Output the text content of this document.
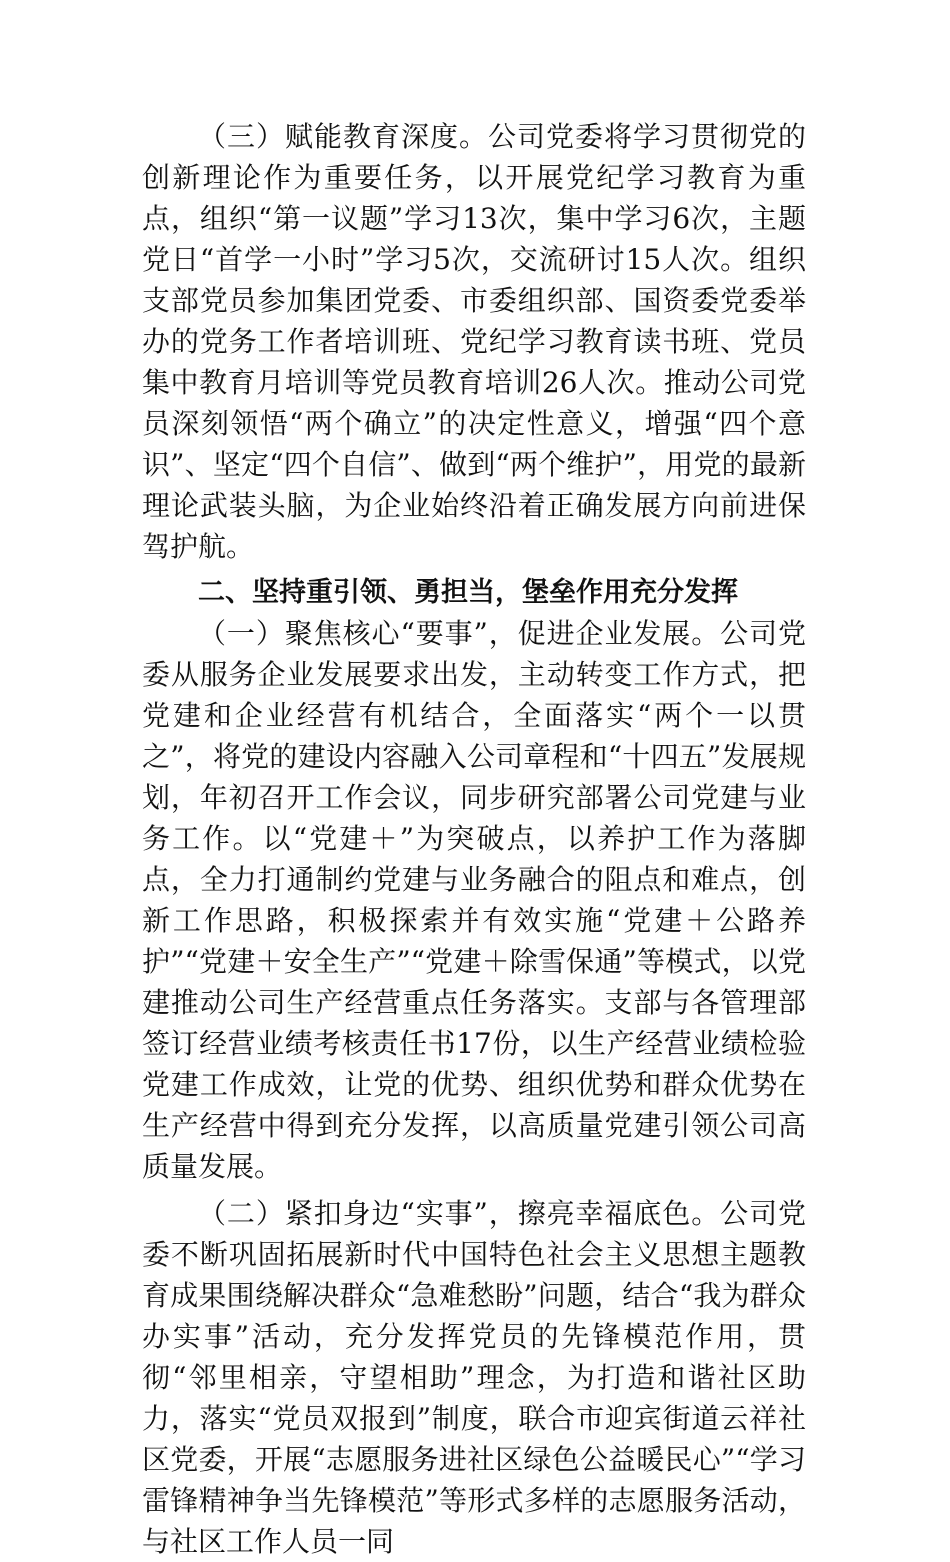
（三）赋能教育深度。公司党委将学习贯彻党的创新理论作为重要任务，以开展党纪学习教育为重点，组织“第一议题”学习13次，集中学习6次，主题党日“首学一小时”学习5次，交流研讨15人次。组织支部党员参加集团党委、市委组织部、国资委党委举办的党务工作者培训班、党纪学习教育读书班、党员集中教育月培训等党员教育培训26人次。推动公司党员深刻领悟“两个确立”的决定性意义，增强“四个意识”、坚定“四个自信”、做到“两个维护”，用党的最新理论武装头脑，为企业始终沿着正确发展方向前进保驾护航。

二、坚持重引领、勇担当，堡垒作用充分发挥

（一）聚焦核心“要事”，促进企业发展。公司党委从服务企业发展要求出发，主动转变工作方式，把党建和企业经营有机结合，全面落实“两个一以贯之”，将党的建设内容融入公司章程和“十四五”发展规划，年初召开工作会议，同步研究部署公司党建与业务工作。以“党建＋”为突破点，以养护工作为落脚点，全力打通制约党建与业务融合的阻点和难点，创新工作思路，积极探索并有效实施“党建＋公路养护”“党建＋安全生产”“党建＋除雪保通”等模式，以党建推动公司生产经营重点任务落实。支部与各管理部签订经营业绩考核责任书17份，以生产经营业绩检验党建工作成效，让党的优势、组织优势和群众优势在生产经营中得到充分发挥，以高质量党建引领公司高质量发展。

（二）紧扣身边“实事”，擦亮幸福底色。公司党委不断巩固拓展新时代中国特色社会主义思想主题教育成果围绕解决群众“急难愁盼”问题，结合“我为群众办实事”活动，充分发挥党员的先锋模范作用，贯彻“邻里相亲，守望相助”理念，为打造和谐社区助力，落实“党员双报到”制度，联合市迎宾街道云祥社区党委，开展“志愿服务进社区绿色公益暖民心”“学习雷锋精神争当先锋模范”等形式多样的志愿服务活动，与社区工作人员一同
